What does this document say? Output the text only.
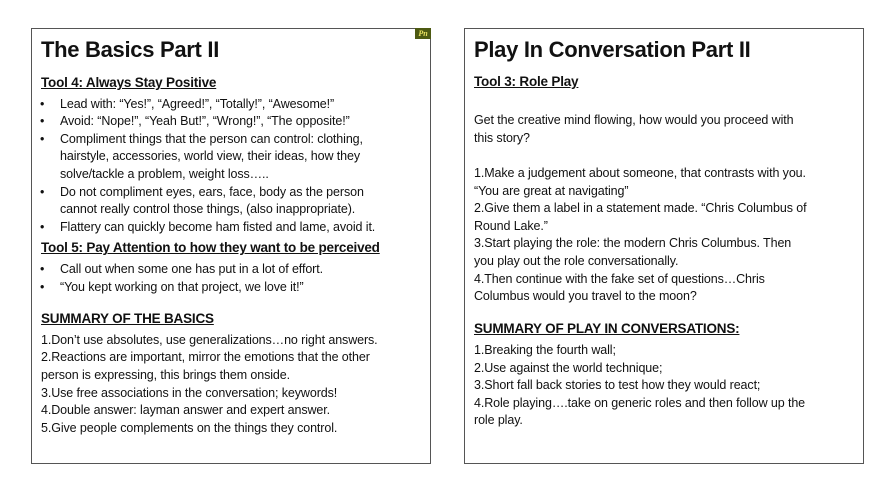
The Basics Part II
Pn
Tool 4: Always Stay Positive
Lead with: “Yes!”, “Agreed!”, “Totally!”, “Awesome!”
•
Avoid: “Nope!”, “Yeah But!”, “Wrong!”, “The opposite!”
•
Compliment things that the person can control: clothing,
•
hairstyle, accessories, world view, their ideas, how they
solve/tackle a problem, weight loss…..
Do not compliment eyes, ears, face, body as the person
•
cannot really control those things, (also inappropriate).
Flattery can quickly become ham fisted and lame, avoid it.
•
Tool 5: Pay Attention to how they want to be perceived
Call out when some one has put in a lot of effort.
•
“You kept working on that project, we love it!”
•
SUMMARY OF THE BASICS
1.Don’t use absolutes, use generalizations…no right answers.
2.Reactions are important, mirror the emotions that the other
person is expressing, this brings them onside.
3.Use free associations in the conversation; keywords!
4.Double answer: layman answer and expert answer.
5.Give people complements on the things they control.
Play In Conversation Part II
Tool 3: Role Play
Get the creative mind flowing, how would you proceed with
this story?
1.Make a judgement about someone, that contrasts with you.
“You are great at navigating”
2.Give them a label in a statement made. “Chris Columbus of
Round Lake.”
3.Start playing the role: the modern Chris Columbus. Then
you play out the role conversationally.
4.Then continue with the fake set of questions…Chris
Columbus would you travel to the moon?
SUMMARY OF PLAY IN CONVERSATIONS:
1.Breaking the fourth wall;
2.Use against the world technique;
3.Short fall back stories to test how they would react;
4.Role playing….take on generic roles and then follow up the
role play.
